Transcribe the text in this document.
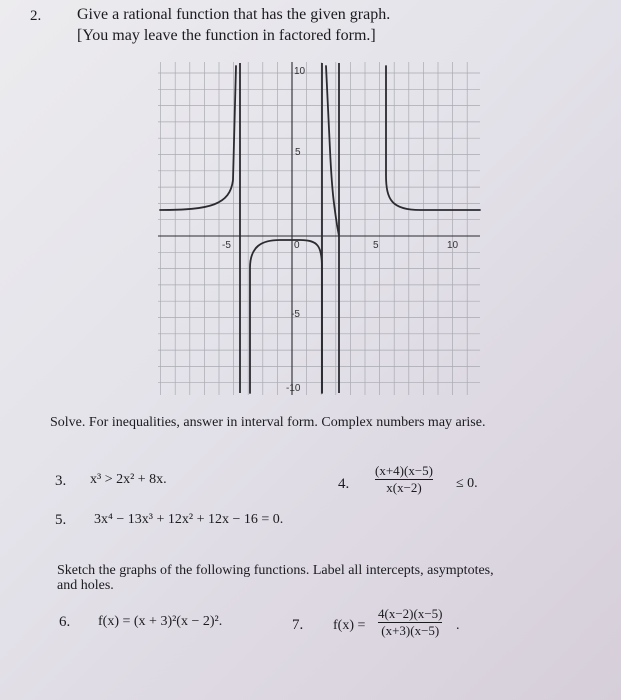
2. Give a rational function that has the given graph.
[You may leave the function in factored form.]
10
5
0
-5	5	10
-5
-10
Solve. For inequalities, answer in interval form. Complex numbers may arise.
3. x³ > 2x² + 8x.	4.
(x+4)(x−5)
x(x−2) ≤ 0.
5. 3x⁴ − 13x³ + 12x² + 12x − 16 = 0.
Sketch the graphs of the following functions. Label all intercepts, asymptotes,
and holes.
6. f(x) = (x + 3)²(x − 2)².	7. f(x) =
4(x−2)(x−5)
(x+3)(x−5) .
